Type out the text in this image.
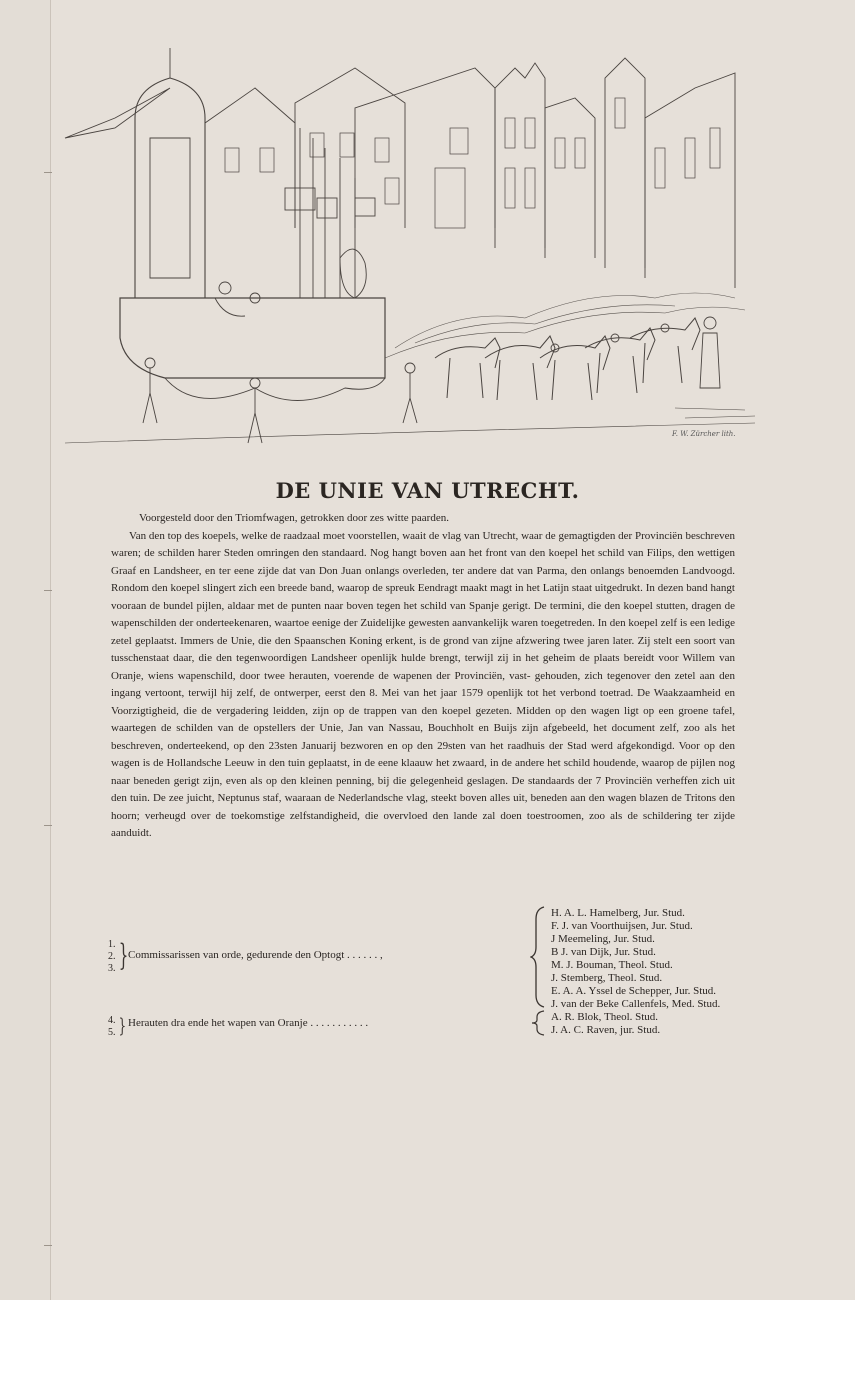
F. W. Zürcher lith.
DE UNIE VAN UTRECHT.

Voorgesteld door den Triomfwagen, getrokken door zes witte paarden.

Van den top des koepels, welke de raadzaal moet voorstellen, waait de vlag van Utrecht, waar de gemagtigden der Provinciën beschreven waren; de schilden harer Steden omringen den standaard. Nog hangt boven aan het front van den koepel het schild van Filips, den wettigen Graaf en Landsheer, en ter eene zijde dat van Don Juan onlangs overleden, ter andere dat van Parma, den onlangs benoemden Landvoogd. Rondom den koepel slingert zich een breede band, waarop de spreuk Eendragt maakt magt in het Latijn staat uitgedrukt. In dezen band hangt vooraan de bundel pijlen, aldaar met de punten naar boven tegen het schild van Spanje gerigt. De termini, die den koepel stutten, dragen de wapenschilden der onderteekenaren, waartoe eenige der Zuidelijke gewesten aanvankelijk waren toegetreden. In den koepel zelf is een ledige zetel geplaatst. Immers de Unie, die den Spaanschen Koning erkent, is de grond van zijne afzwering twee jaren later. Zij stelt een soort van tusschenstaat daar, die den tegenwoordigen Landsheer openlijk hulde brengt, terwijl zij in het geheim de plaats bereidt voor Willem van Oranje, wiens wapenschild, door twee herauten, voerende de wapenen der Provinciën, vast- gehouden, zich tegenover den zetel aan den ingang vertoont, terwijl hij zelf, de ontwerper, eerst den 8. Mei van het jaar 1579 openlijk tot het verbond toetrad. De Waakzaamheid en Voorzigtigheid, die de vergadering leidden, zijn op de trappen van den koepel gezeten. Midden op den wagen ligt op een groene tafel, waartegen de schilden van de opstellers der Unie, Jan van Nassau, Bouchholt en Buijs zijn afgebeeld, het document zelf, zoo als het beschreven, onderteekend, op den 23sten Januarij bezworen en op den 29sten van het raadhuis der Stad werd afgekondigd. Voor op den wagen is de Hollandsche Leeuw in den tuin geplaatst, in de eene klaauw het zwaard, in de andere het schild houdende, waarop de pijlen nog naar beneden gerigt zijn, even als op den kleinen penning, bij die gelegenheid geslagen. De standaards der 7 Provinciën verheffen zich uit den tuin. De zee juicht, Neptunus staf, waaraan de Nederlandsche vlag, steekt boven alles uit, beneden aan den wagen blazen de Tritons den hoorn; verheugd over de toekomstige zelfstandigheid, die overvloed den lande zal doen toestroomen, zoo als de schildering ter zijde aanduidt.

1.
2.
3. } Commissarissen van orde, gedurende den Optogt . . . . . . ,
H. A. L. Hamelberg, Jur. Stud.
F. J. van Voorthuijsen, Jur. Stud.
J Meemeling, Jur. Stud.
B J. van Dijk, Jur. Stud.
M. J. Bouman, Theol. Stud.
J. Stemberg, Theol. Stud.
E. A. A. Yssel de Schepper, Jur. Stud.
J. van der Beke Callenfels, Med. Stud.
4.
5. } Herauten dra ende het wapen van Oranje . . . . . . . . . . .	A. R. Blok, Theol. Stud.
J. A. C. Raven, jur. Stud.
